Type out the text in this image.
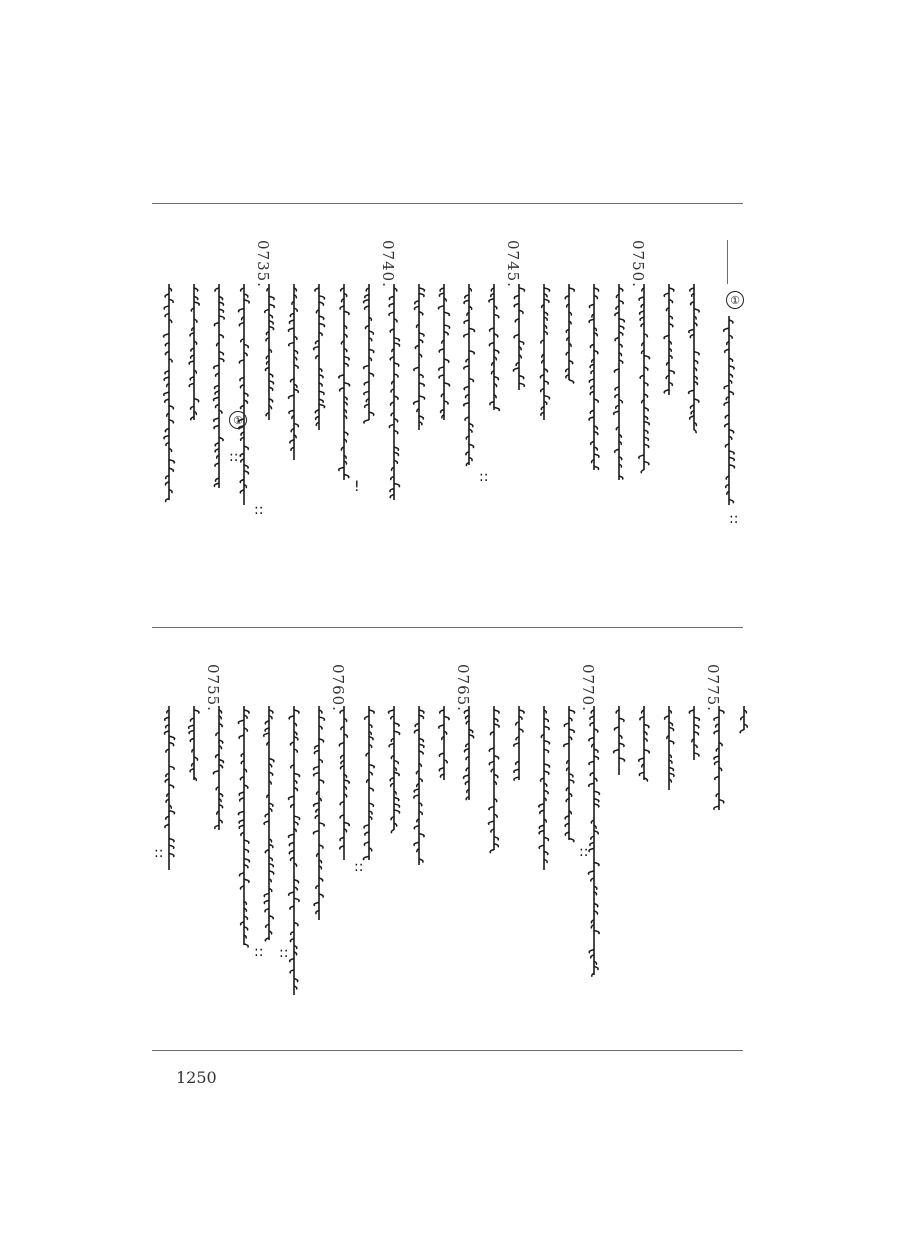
0735.	0740.	0745.	0750.
0755.	0760.	0765.	0770.	0775.
①
::
::
!
①
::
::
::
::
::
::
::
1250
